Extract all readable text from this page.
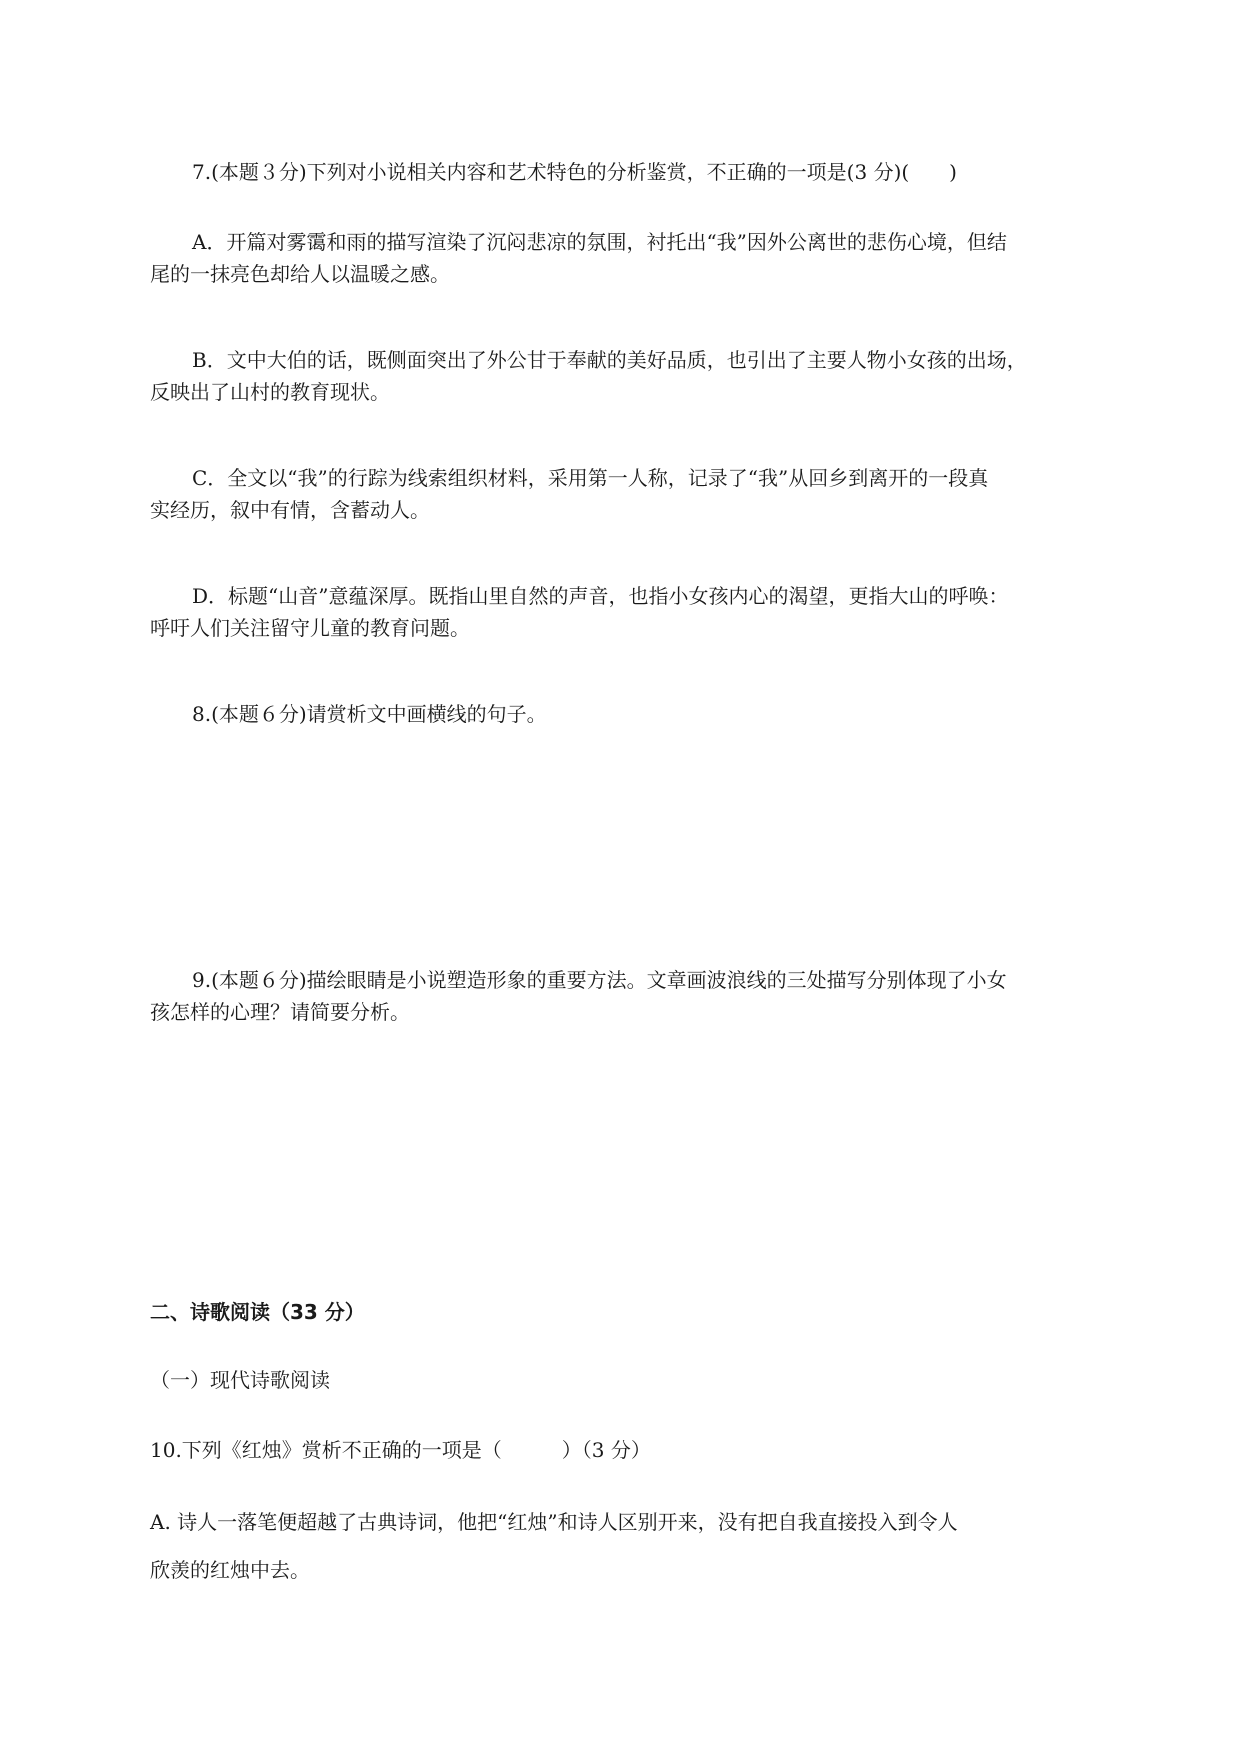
7.(本题３分)下列对小说相关内容和艺术特色的分析鉴赏，不正确的一项是(3 分)(　　)
A．开篇对雾霭和雨的描写渲染了沉闷悲凉的氛围，衬托出“我”因外公离世的悲伤心境，但结
尾的一抹亮色却给人以温暖之感。
B．文中大伯的话，既侧面突出了外公甘于奉献的美好品质，也引出了主要人物小女孩的出场，
反映出了山村的教育现状。
C．全文以“我”的行踪为线索组织材料，采用第一人称，记录了“我”从回乡到离开的一段真
实经历，叙中有情，含蓄动人。
D．标题“山音”意蕴深厚。既指山里自然的声音，也指小女孩内心的渴望，更指大山的呼唤：
呼吁人们关注留守儿童的教育问题。
8.(本题６分)请赏析文中画横线的句子。
9.(本题６分)描绘眼睛是小说塑造形象的重要方法。文章画波浪线的三处描写分别体现了小女
孩怎样的心理？请简要分析。
二、诗歌阅读（33 分）
（一）现代诗歌阅读
10.下列《红烛》赏析不正确的一项是（　　　）（3 分）
A. 诗人一落笔便超越了古典诗词，他把“红烛”和诗人区别开来，没有把自我直接投入到令人
欣羡的红烛中去。
